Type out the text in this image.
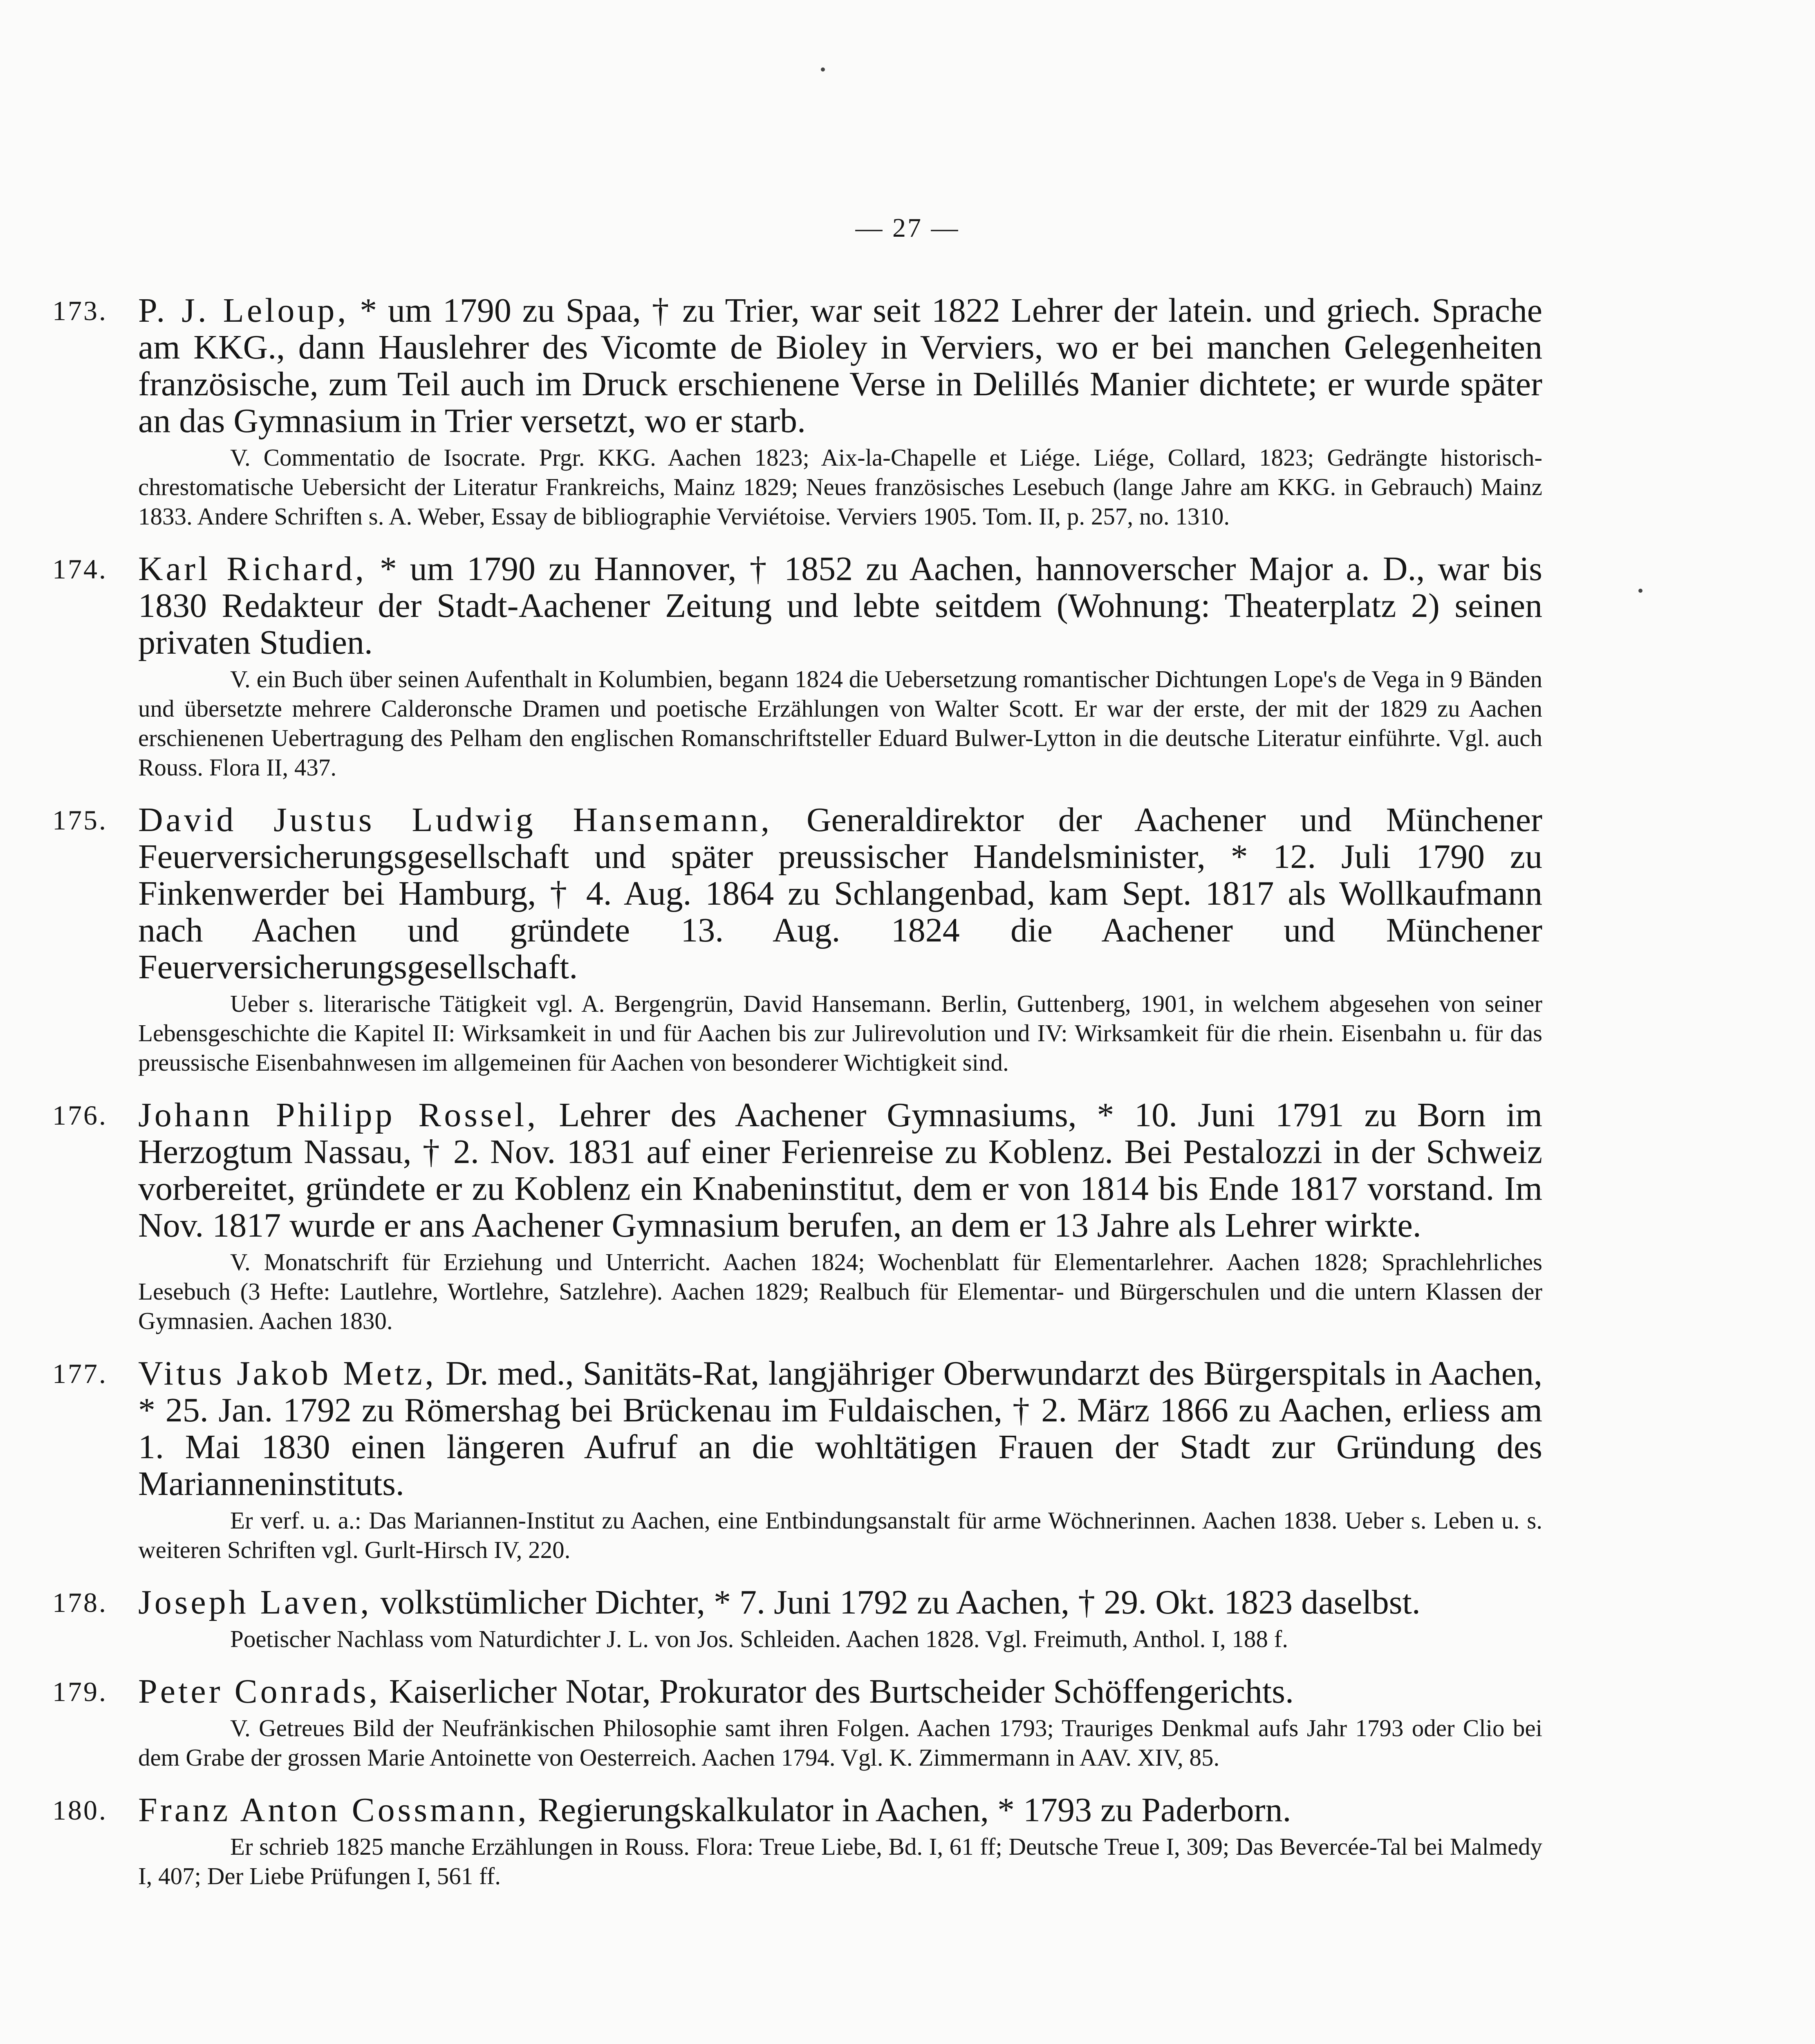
— 27 —
173. P. J. Leloup, * um 1790 zu Spaa, † zu Trier, war seit 1822 Lehrer der latein. und griech. Sprache am KKG., dann Hauslehrer des Vicomte de Bioley in Verviers, wo er bei manchen Gelegenheiten französische, zum Teil auch im Druck erschienene Verse in Delillés Manier dichtete; er wurde später an das Gymnasium in Trier versetzt, wo er starb.
V. Commentatio de Isocrate. Prgr. KKG. Aachen 1823; Aix-la-Chapelle et Liége. Liége, Collard, 1823; Gedrängte historisch-chrestomatische Uebersicht der Literatur Frankreichs, Mainz 1829; Neues französisches Lesebuch (lange Jahre am KKG. in Gebrauch) Mainz 1833. Andere Schriften s. A. Weber, Essay de bibliographie Verviétoise. Verviers 1905. Tom. II, p. 257, no. 1310.
174. Karl Richard, * um 1790 zu Hannover, † 1852 zu Aachen, hannoverscher Major a. D., war bis 1830 Redakteur der Stadt-Aachener Zeitung und lebte seitdem (Wohnung: Theaterplatz 2) seinen privaten Studien.
V. ein Buch über seinen Aufenthalt in Kolumbien, begann 1824 die Uebersetzung romantischer Dichtungen Lope's de Vega in 9 Bänden und übersetzte mehrere Calderonsche Dramen und poetische Erzählungen von Walter Scott. Er war der erste, der mit der 1829 zu Aachen erschienenen Uebertragung des Pelham den englischen Romanschriftsteller Eduard Bulwer-Lytton in die deutsche Literatur einführte. Vgl. auch Rouss. Flora II, 437.
175. David Justus Ludwig Hansemann, Generaldirektor der Aachener und Münchener Feuerversicherungsgesellschaft und später preussischer Handelsminister, * 12. Juli 1790 zu Finkenwerder bei Hamburg, † 4. Aug. 1864 zu Schlangenbad, kam Sept. 1817 als Wollkaufmann nach Aachen und gründete 13. Aug. 1824 die Aachener und Münchener Feuerversicherungsgesellschaft.
Ueber s. literarische Tätigkeit vgl. A. Bergengrün, David Hansemann. Berlin, Guttenberg, 1901, in welchem abgesehen von seiner Lebensgeschichte die Kapitel II: Wirksamkeit in und für Aachen bis zur Julirevolution und IV: Wirksamkeit für die rhein. Eisenbahn u. für das preussische Eisenbahnwesen im allgemeinen für Aachen von besonderer Wichtigkeit sind.
176. Johann Philipp Rossel, Lehrer des Aachener Gymnasiums, * 10. Juni 1791 zu Born im Herzogtum Nassau, † 2. Nov. 1831 auf einer Ferienreise zu Koblenz. Bei Pestalozzi in der Schweiz vorbereitet, gründete er zu Koblenz ein Knabeninstitut, dem er von 1814 bis Ende 1817 vorstand. Im Nov. 1817 wurde er ans Aachener Gymnasium berufen, an dem er 13 Jahre als Lehrer wirkte.
V. Monatschrift für Erziehung und Unterricht. Aachen 1824; Wochenblatt für Elementarlehrer. Aachen 1828; Sprachlehrliches Lesebuch (3 Hefte: Lautlehre, Wortlehre, Satzlehre). Aachen 1829; Realbuch für Elementar- und Bürgerschulen und die untern Klassen der Gymnasien. Aachen 1830.
177. Vitus Jakob Metz, Dr. med., Sanitäts-Rat, langjähriger Oberwundarzt des Bürgerspitals in Aachen, * 25. Jan. 1792 zu Römershag bei Brückenau im Fuldaischen, † 2. März 1866 zu Aachen, erliess am 1. Mai 1830 einen längeren Aufruf an die wohltätigen Frauen der Stadt zur Gründung des Marianneninstituts.
Er verf. u. a.: Das Mariannen-Institut zu Aachen, eine Entbindungsanstalt für arme Wöchnerinnen. Aachen 1838. Ueber s. Leben u. s. weiteren Schriften vgl. Gurlt-Hirsch IV, 220.
178. Joseph Laven, volkstümlicher Dichter, * 7. Juni 1792 zu Aachen, † 29. Okt. 1823 daselbst.
Poetischer Nachlass vom Naturdichter J. L. von Jos. Schleiden. Aachen 1828. Vgl. Freimuth, Anthol. I, 188 f.
179. Peter Conrads, Kaiserlicher Notar, Prokurator des Burtscheider Schöffengerichts.
V. Getreues Bild der Neufränkischen Philosophie samt ihren Folgen. Aachen 1793; Trauriges Denkmal aufs Jahr 1793 oder Clio bei dem Grabe der grossen Marie Antoinette von Oesterreich. Aachen 1794. Vgl. K. Zimmermann in AAV. XIV, 85.
180. Franz Anton Cossmann, Regierungskalkulator in Aachen, * 1793 zu Paderborn.
Er schrieb 1825 manche Erzählungen in Rouss. Flora: Treue Liebe, Bd. I, 61 ff; Deutsche Treue I, 309; Das Bevercée-Tal bei Malmedy I, 407; Der Liebe Prüfungen I, 561 ff.
